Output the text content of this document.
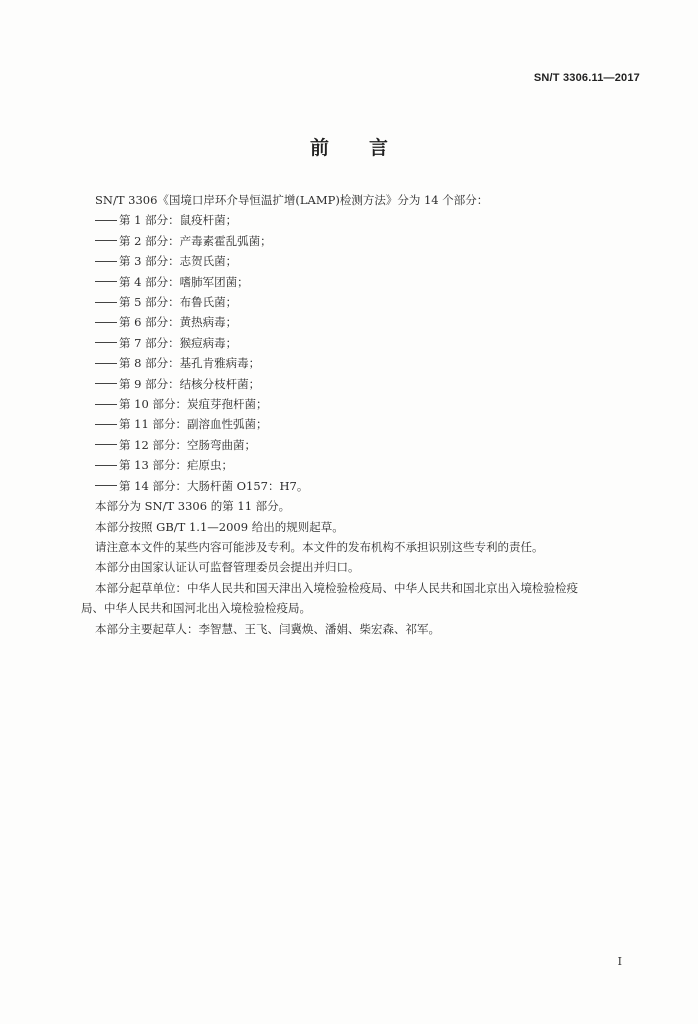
SN/T 3306.11—2017
前 言
SN/T 3306《国境口岸环介导恒温扩增(LAMP)检测方法》分为 14 个部分：
第 1 部分：鼠疫杆菌；
第 2 部分：产毒素霍乱弧菌；
第 3 部分：志贺氏菌；
第 4 部分：嗜肺军团菌；
第 5 部分：布鲁氏菌；
第 6 部分：黄热病毒；
第 7 部分：猴痘病毒；
第 8 部分：基孔肯雅病毒；
第 9 部分：结核分枝杆菌；
第 10 部分：炭疽芽孢杆菌；
第 11 部分：副溶血性弧菌；
第 12 部分：空肠弯曲菌；
第 13 部分：疟原虫；
第 14 部分：大肠杆菌 O157：H7。
本部分为 SN/T 3306 的第 11 部分。
本部分按照 GB/T 1.1—2009 给出的规则起草。
请注意本文件的某些内容可能涉及专利。本文件的发布机构不承担识别这些专利的责任。
本部分由国家认证认可监督管理委员会提出并归口。
本部分起草单位：中华人民共和国天津出入境检验检疫局、中华人民共和国北京出入境检验检疫
局、中华人民共和国河北出入境检验检疫局。
本部分主要起草人：李智慧、王飞、闫冀焕、潘娟、柴宏森、祁军。
I
